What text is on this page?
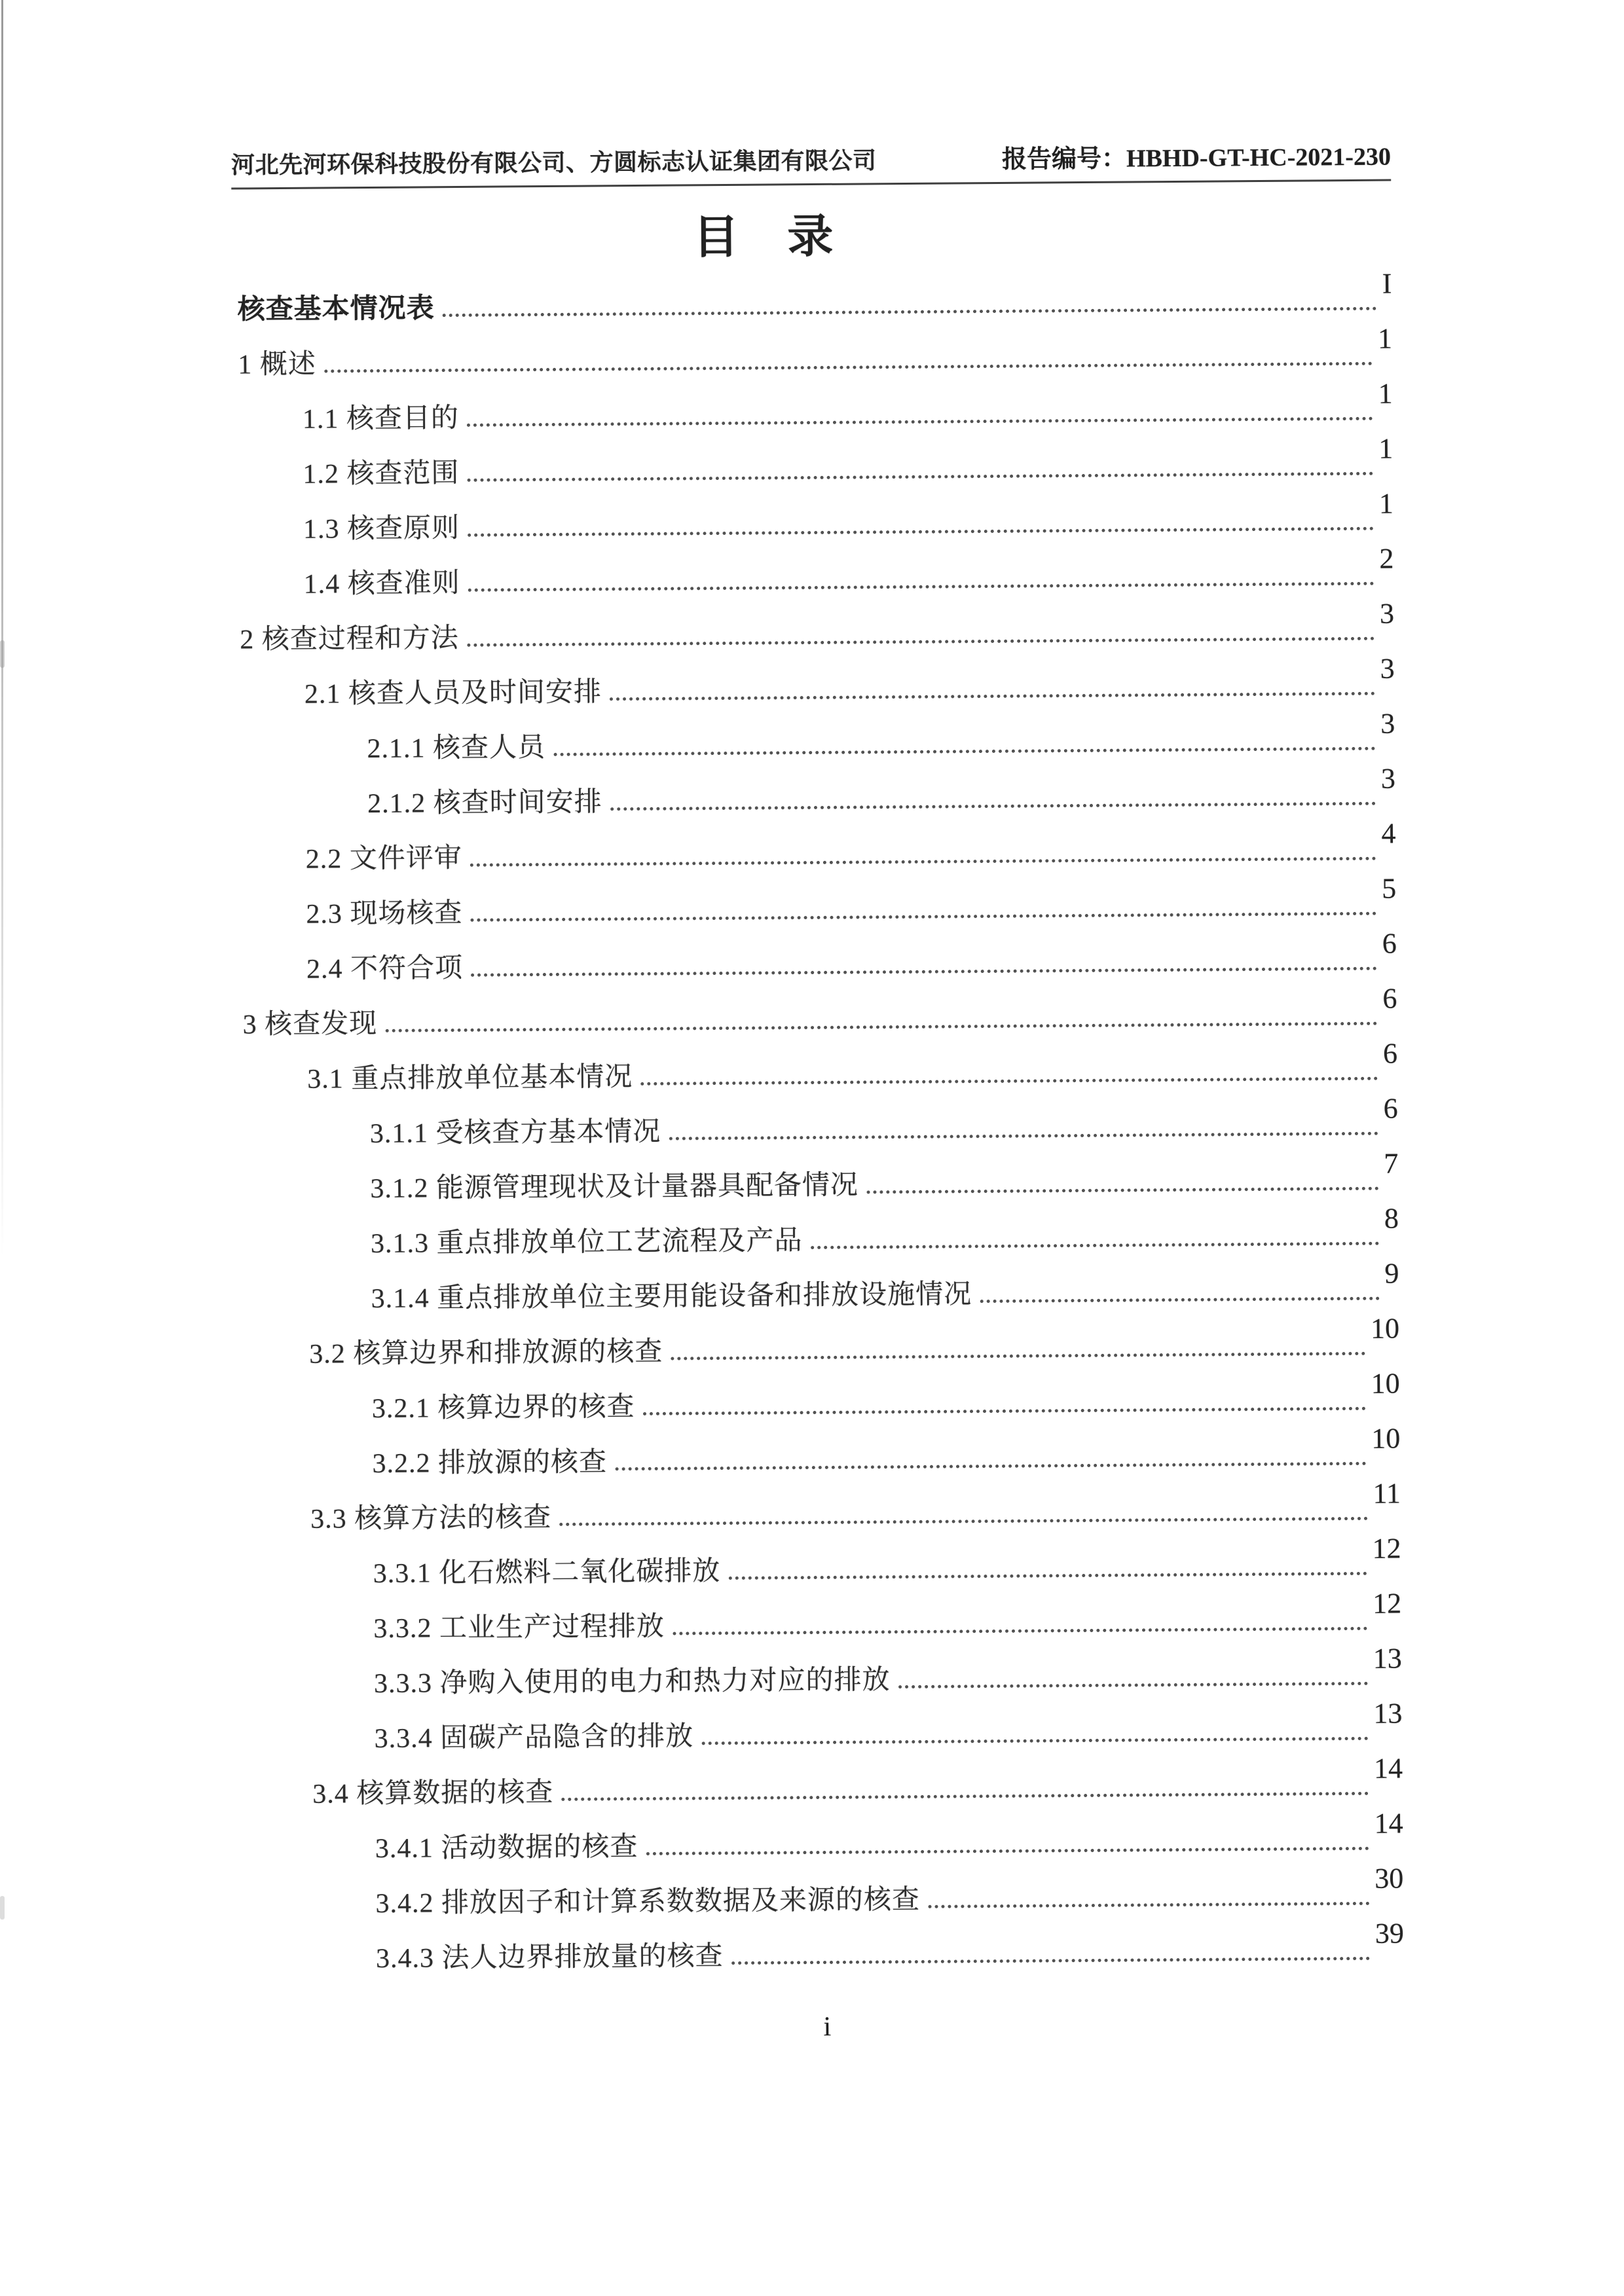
河北先河环保科技股份有限公司、方圆标志认证集团有限公司	报告编号：HBHD-GT-HC-2021-230
目　录
核查基本情况表
I
1 概述
1
1.1 核查目的
1
1.2 核查范围
1
1.3 核查原则
1
1.4 核查准则
2
2 核查过程和方法
3
2.1 核查人员及时间安排
3
2.1.1 核查人员
3
2.1.2 核查时间安排
3
2.2 文件评审
4
2.3 现场核查
5
2.4 不符合项
6
3 核查发现
6
3.1 重点排放单位基本情况
6
3.1.1 受核查方基本情况
6
3.1.2 能源管理现状及计量器具配备情况
7
3.1.3 重点排放单位工艺流程及产品
8
3.1.4 重点排放单位主要用能设备和排放设施情况
9
3.2 核算边界和排放源的核查
10
3.2.1 核算边界的核查
10
3.2.2 排放源的核查
10
3.3 核算方法的核查
11
3.3.1 化石燃料二氧化碳排放
12
3.3.2 工业生产过程排放
12
3.3.3 净购入使用的电力和热力对应的排放
13
3.3.4 固碳产品隐含的排放
13
3.4 核算数据的核查
14
3.4.1 活动数据的核查
14
3.4.2 排放因子和计算系数数据及来源的核查
30
3.4.3 法人边界排放量的核查
39
i
